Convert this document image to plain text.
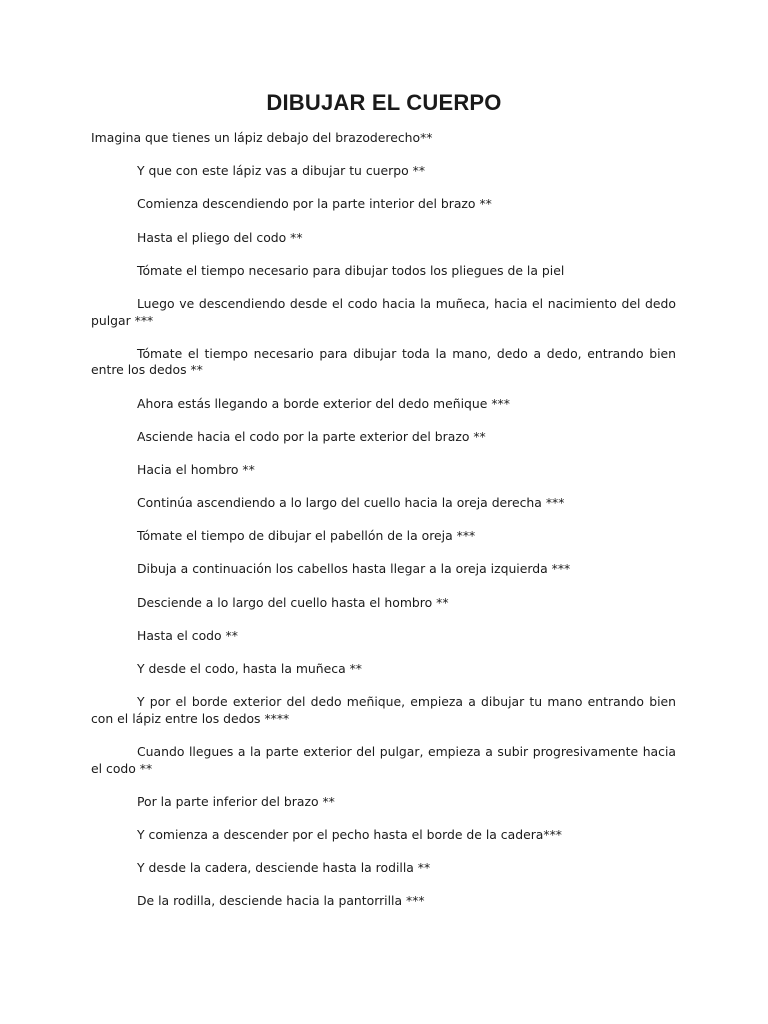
DIBUJAR EL CUERPO

Imagina que tienes un lápiz debajo del brazoderecho**

Y que con este lápiz vas a dibujar tu cuerpo **

Comienza descendiendo por la parte interior del brazo **

Hasta el pliego del codo **

Tómate el tiempo necesario para dibujar todos los pliegues de la piel

Luego ve descendiendo desde el codo hacia la muñeca, hacia el nacimiento del dedo pulgar ***

Tómate el tiempo necesario para dibujar toda la mano, dedo a dedo, entrando bien entre los dedos **

Ahora estás llegando a borde exterior del dedo meñique ***

Asciende hacia el codo por la parte exterior del brazo **

Hacia el hombro **

Continúa ascendiendo a lo largo del cuello hacia la oreja derecha ***

Tómate el tiempo de dibujar el pabellón de la oreja ***

Dibuja a continuación los cabellos hasta llegar a la oreja izquierda ***

Desciende a lo largo del cuello hasta el hombro **

Hasta el codo **

Y desde el codo, hasta la muñeca **

Y por el borde exterior del dedo meñique, empieza a dibujar tu mano entrando bien con el lápiz entre los dedos ****

Cuando llegues a la parte exterior del pulgar, empieza a subir progresivamente hacia el codo **

Por la parte inferior del brazo **

Y comienza a descender por el pecho hasta el borde de la cadera***

Y desde la cadera, desciende hasta la rodilla **

De la rodilla, desciende hacia la pantorrilla ***
